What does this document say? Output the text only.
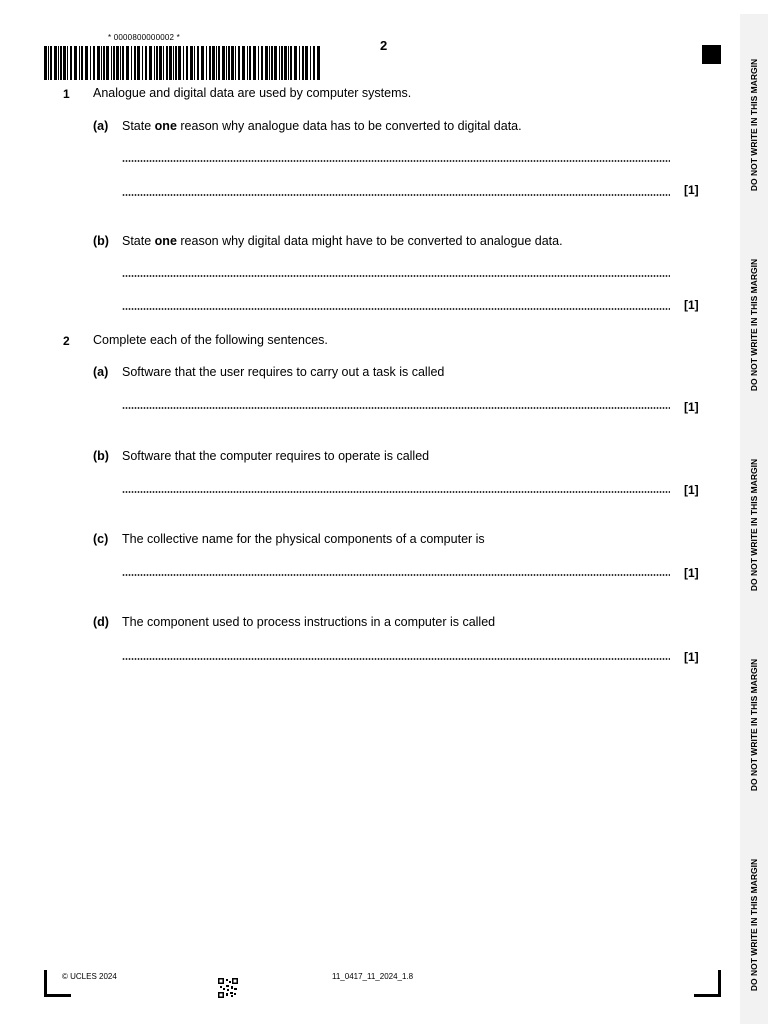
* 0000800000002 *
2
DO NOT WRITE IN THIS MARGIN
DO NOT WRITE IN THIS MARGIN
DO NOT WRITE IN THIS MARGIN
DO NOT WRITE IN THIS MARGIN
DO NOT WRITE IN THIS MARGIN
1 Analogue and digital data are used by computer systems.
(a) State one reason why analogue data has to be converted to digital data.
[1]
(b) State one reason why digital data might have to be converted to analogue data.
[1]
2 Complete each of the following sentences.
(a) Software that the user requires to carry out a task is called
[1]
(b) Software that the computer requires to operate is called
[1]
(c) The collective name for the physical components of a computer is
[1]
(d) The component used to process instructions in a computer is called
[1]
© UCLES 2024	11_0417_11_2024_1.8
